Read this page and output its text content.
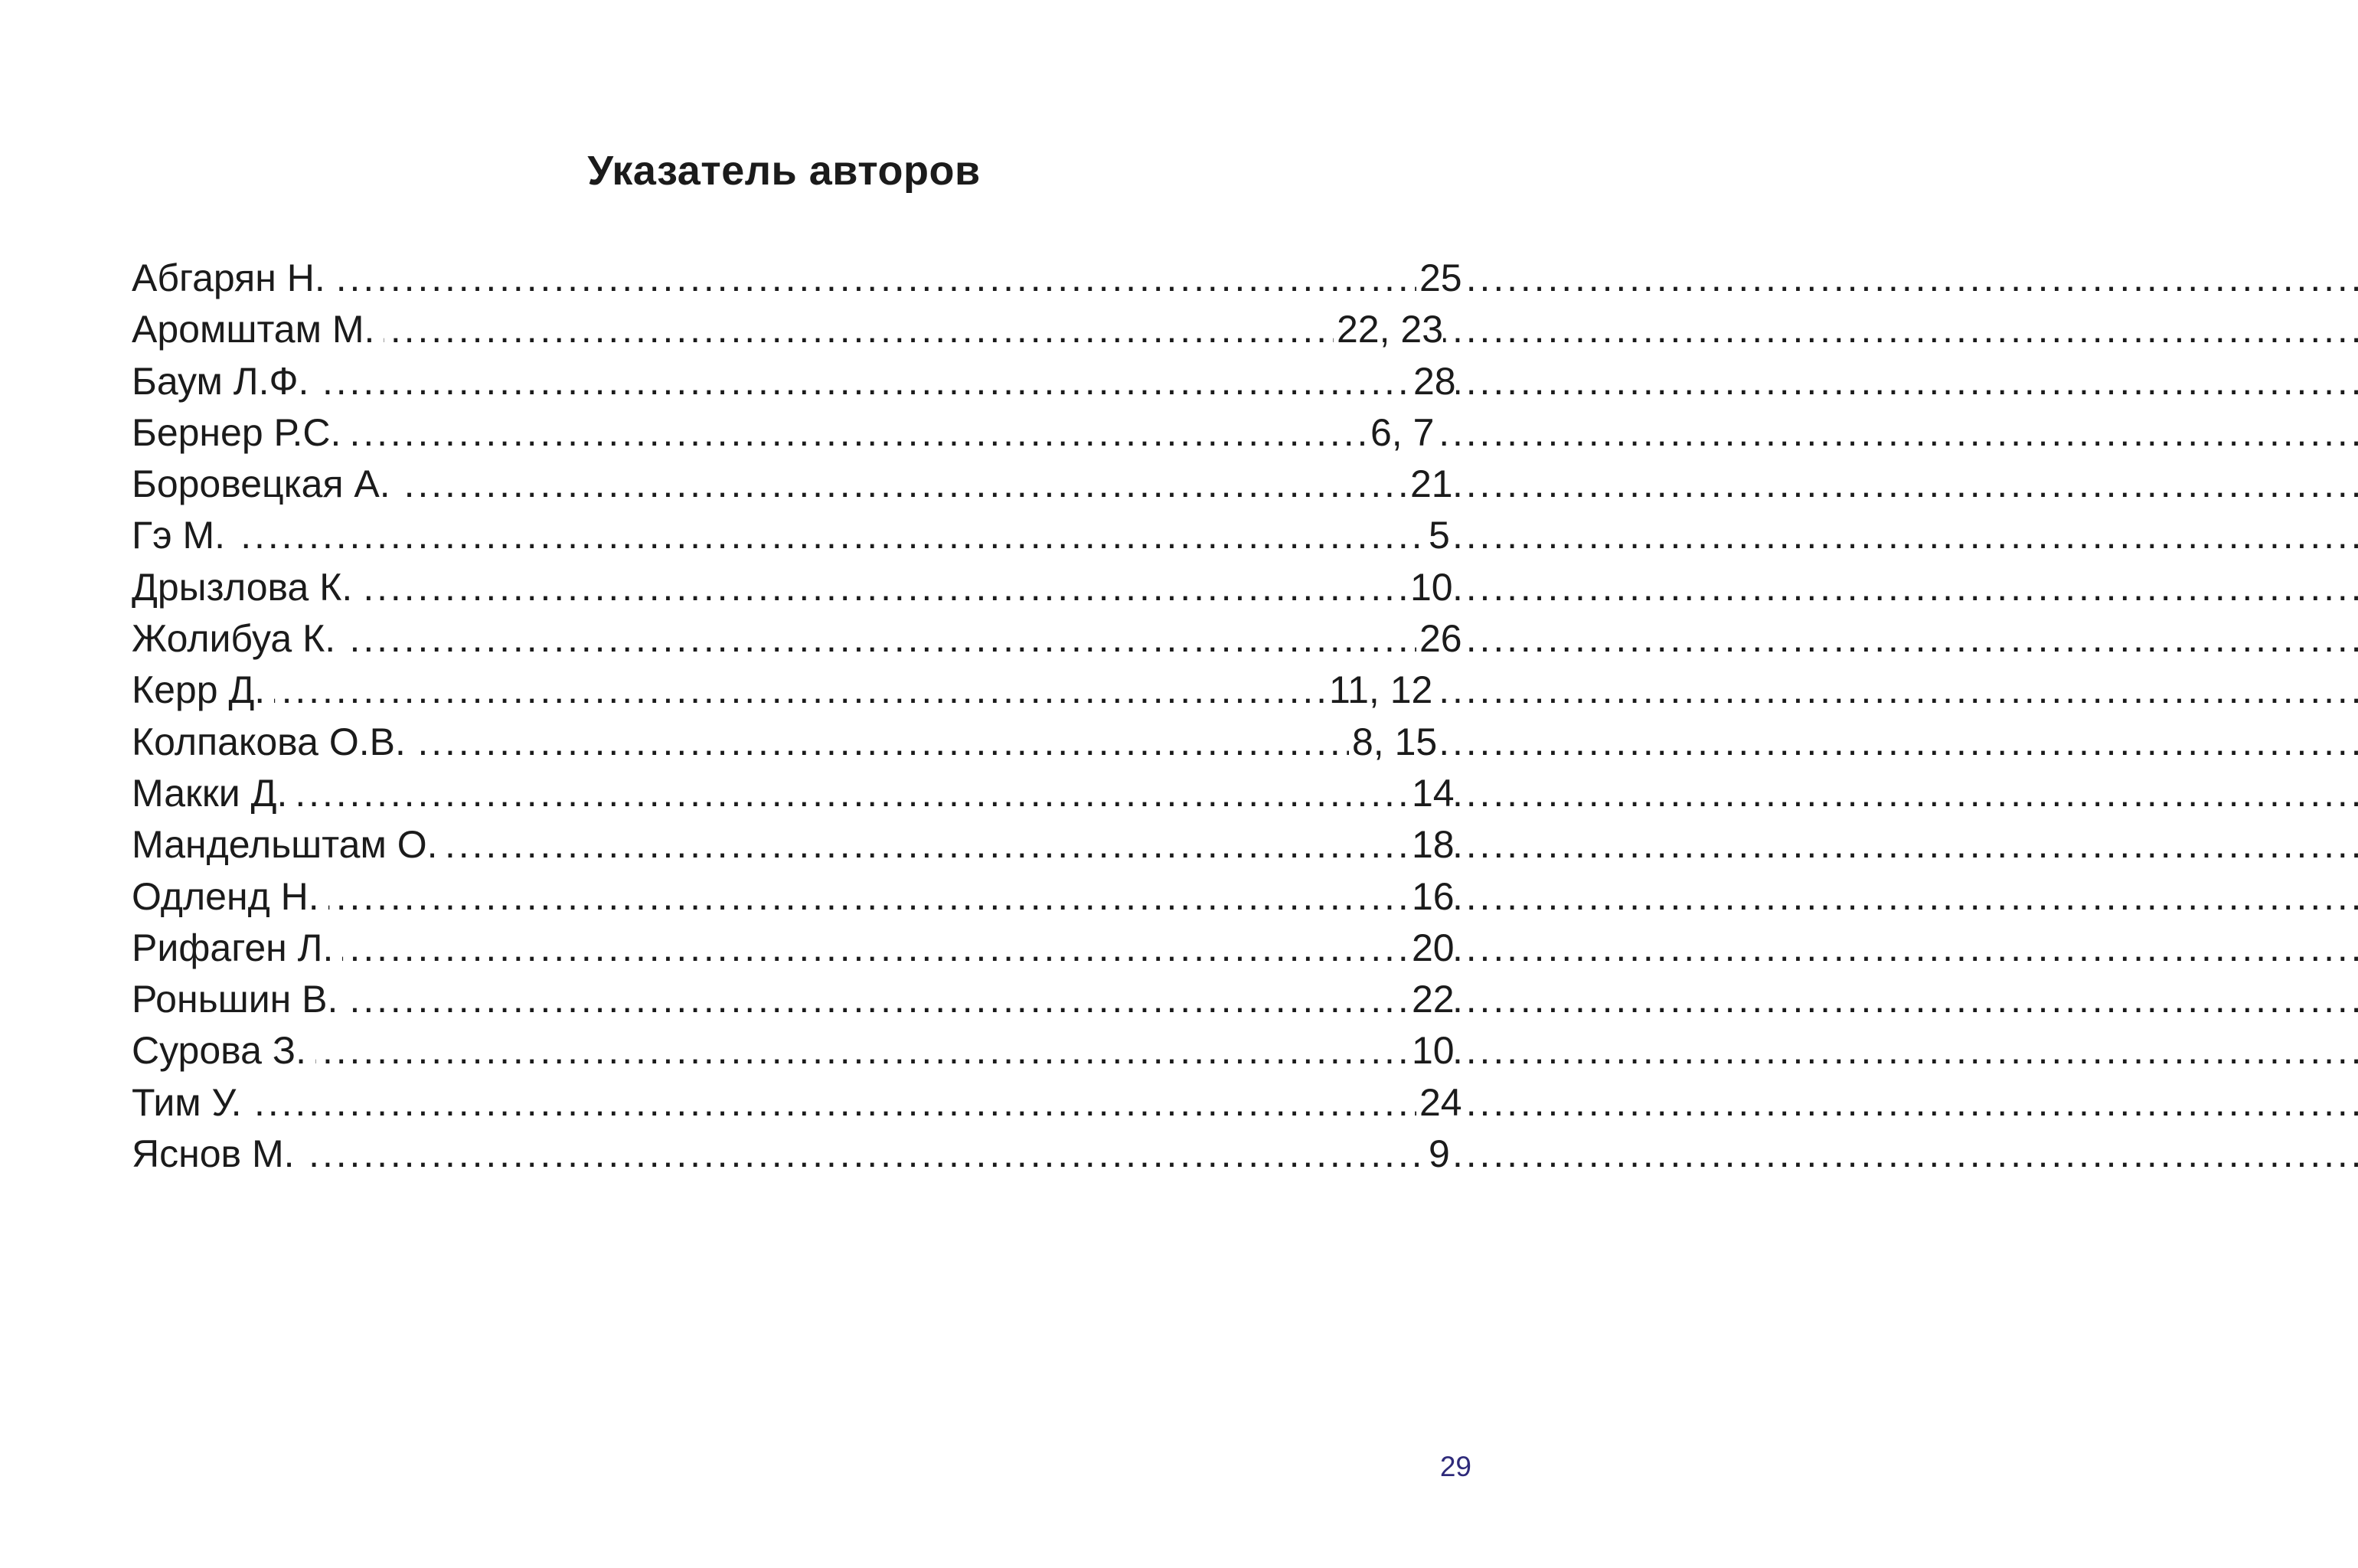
Указатель авторов
. . .
Абгарян Н.	25
. . .
Аромштам М.	22, 23
. . .
Баум Л.Ф.	28
. . .
Бернер Р.С.	6, 7
. . .
Боровецкая А.	21
. . .
Гэ М.	5
. . .
Дрызлова К.	10
. . .
Жолибуа К.	26
. . .
Керр Д.	11, 12
. . .
Колпакова О.В.	8, 15
. . .
Макки Д.	14
. . .
Мандельштам О.	18
. . .
Одленд Н.	16
. . .
Рифаген Л.	20
. . .
Роньшин В.	22
. . .
Сурова З.	10
. . .
Тим У.	24
. . .
Яснов М.	9
29
